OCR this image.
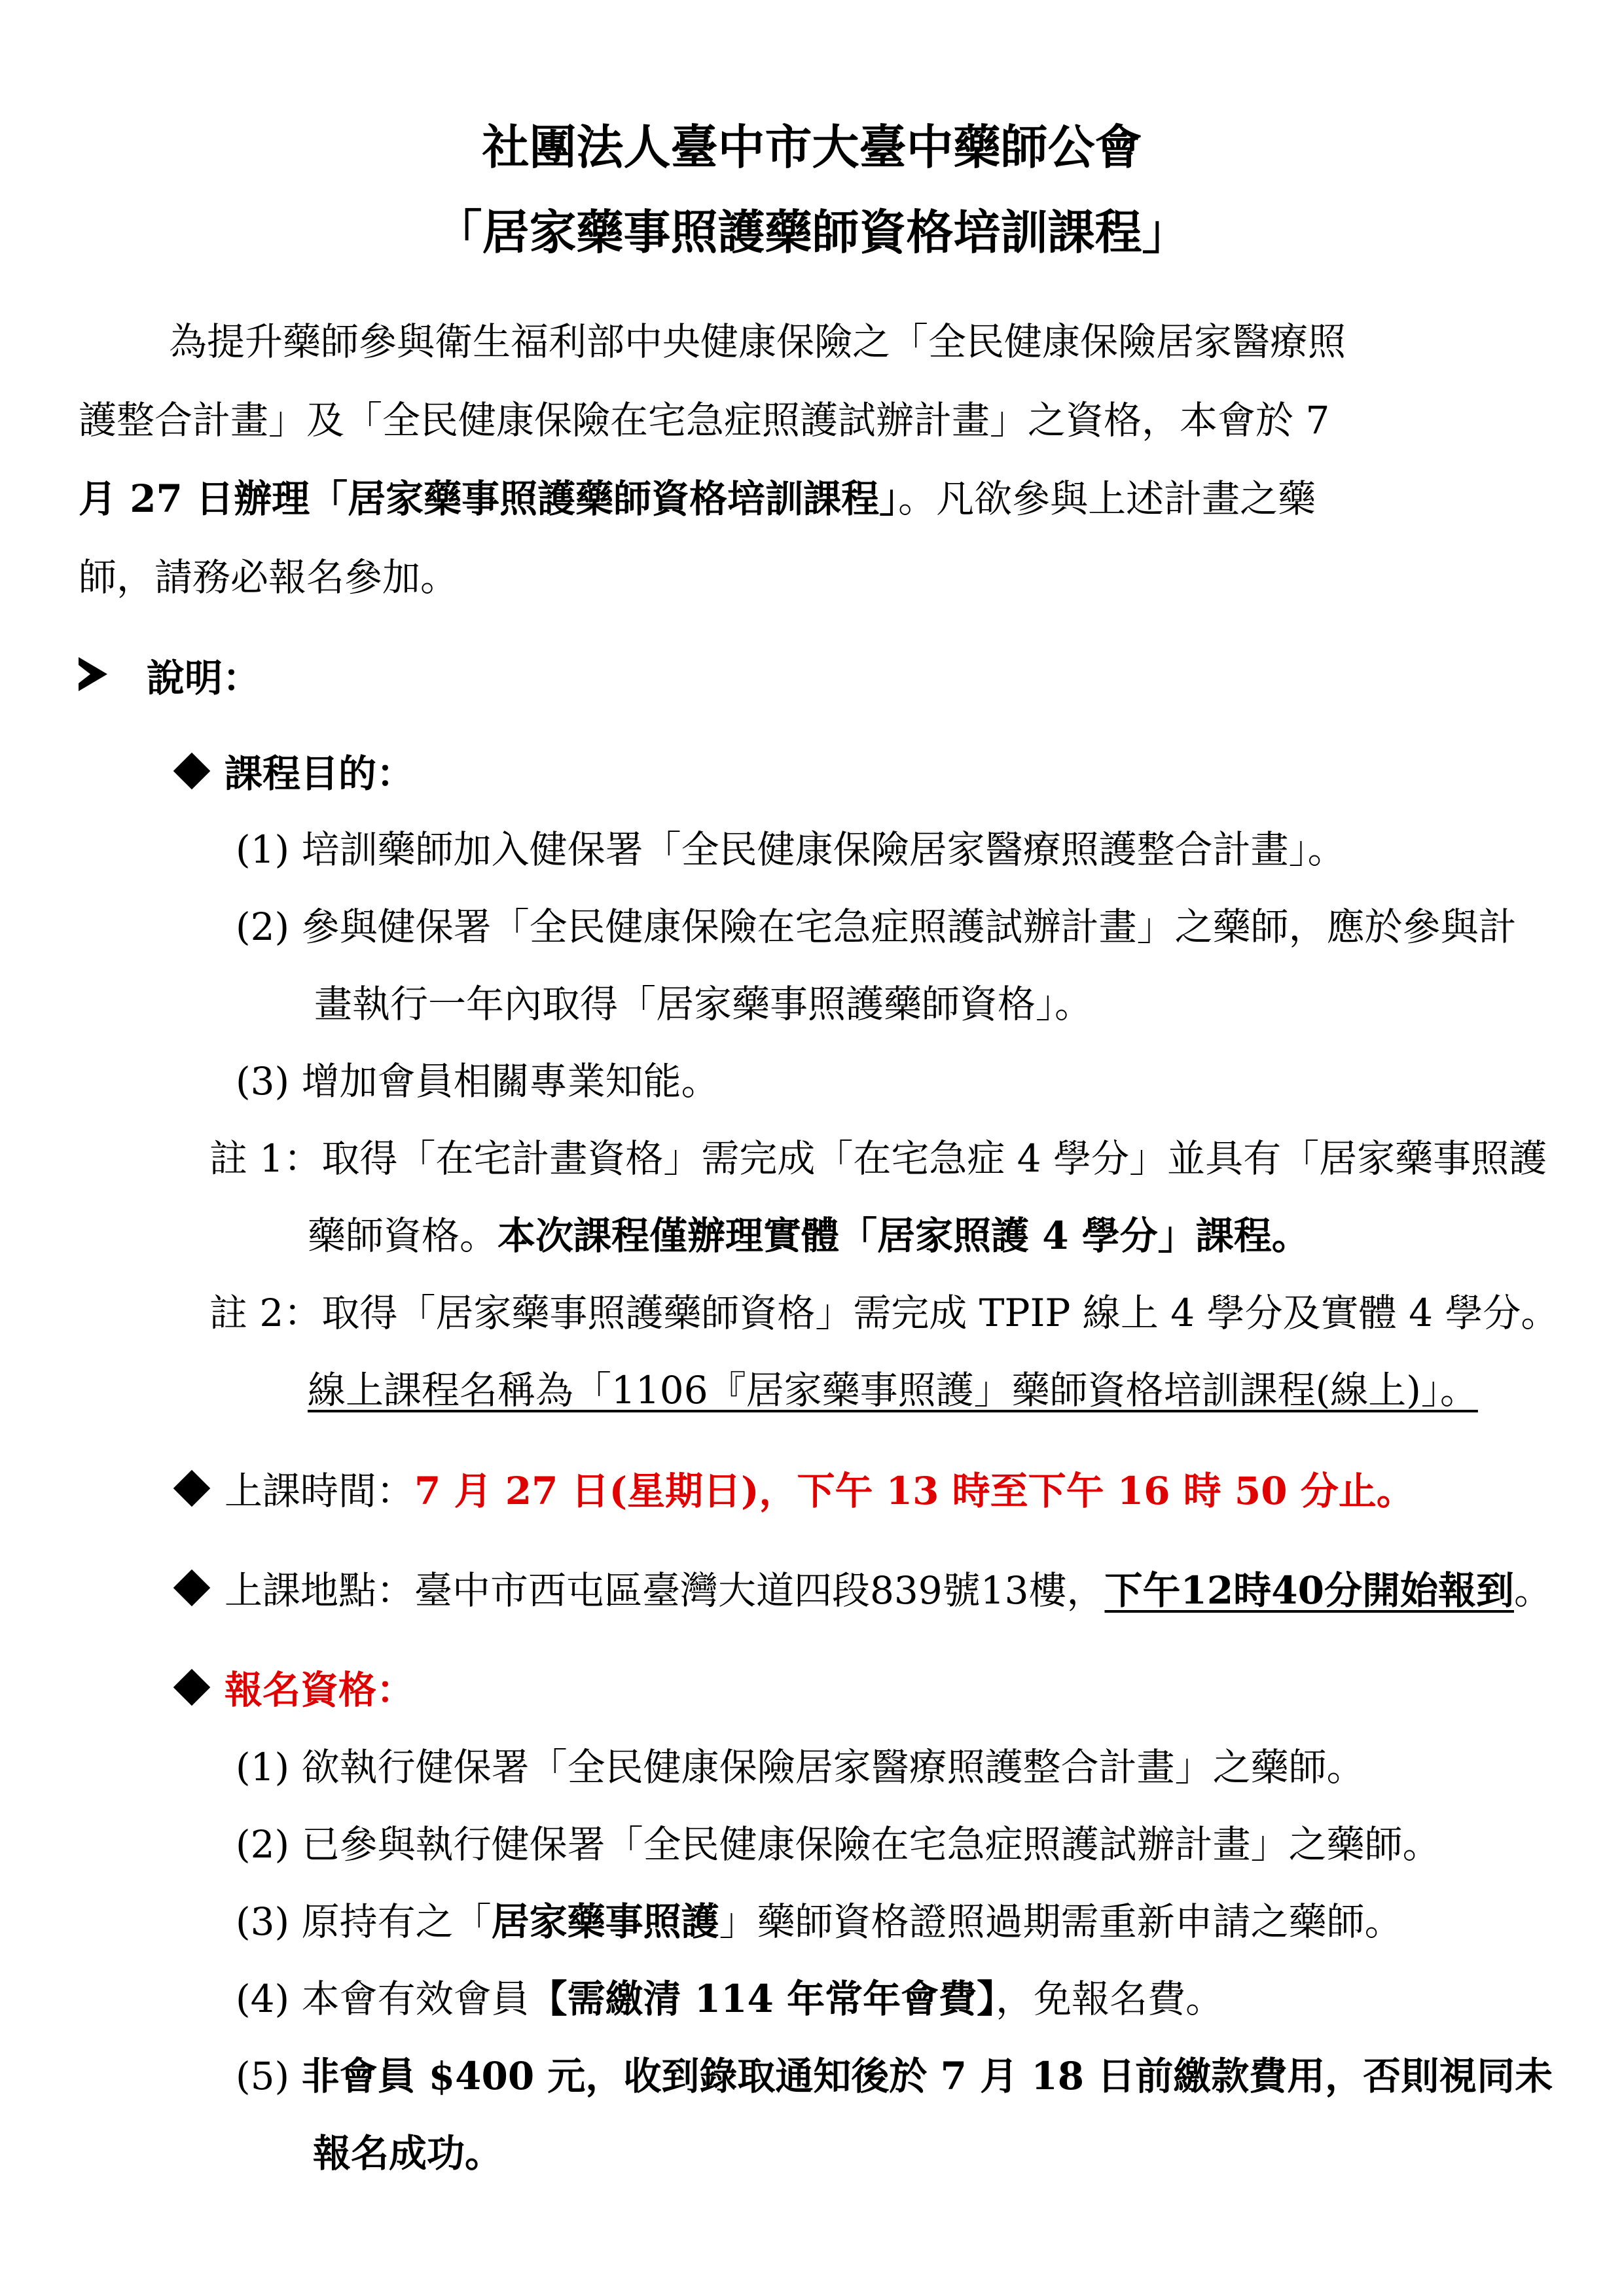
社團法人臺中市大臺中藥師公會
「居家藥事照護藥師資格培訓課程」
為提升藥師參與衛生福利部中央健康保險之「全民健康保險居家醫療照
護整合計畫」及「全民健康保險在宅急症照護試辦計畫」之資格，本會於 7
月 27 日辦理「居家藥事照護藥師資格培訓課程」。凡欲參與上述計畫之藥
師，請務必報名參加。
說明：
課程目的：
(1) 培訓藥師加入健保署「全民健康保險居家醫療照護整合計畫」。
(2) 參與健保署「全民健康保險在宅急症照護試辦計畫」之藥師，應於參與計
畫執行一年內取得「居家藥事照護藥師資格」。
(3) 增加會員相關專業知能。
註 1：取得「在宅計畫資格」需完成「在宅急症 4 學分」並具有「居家藥事照護
藥師資格。本次課程僅辦理實體「居家照護 4 學分」課程。
註 2：取得「居家藥事照護藥師資格」需完成 TPIP 線上 4 學分及實體 4 學分。
線上課程名稱為「1106『居家藥事照護」藥師資格培訓課程(線上)」。
上課時間：7 月 27 日(星期日)，下午 13 時至下午 16 時 50 分止。
上課地點：臺中市西屯區臺灣大道四段839號13樓，下午12時40分開始報到。
報名資格：
(1) 欲執行健保署「全民健康保險居家醫療照護整合計畫」之藥師。
(2) 已參與執行健保署「全民健康保險在宅急症照護試辦計畫」之藥師。
(3) 原持有之「居家藥事照護」藥師資格證照過期需重新申請之藥師。
(4) 本會有效會員【需繳清 114 年常年會費】，免報名費。
(5) 非會員 $400 元，收到錄取通知後於 7 月 18 日前繳款費用，否則視同未
報名成功。
